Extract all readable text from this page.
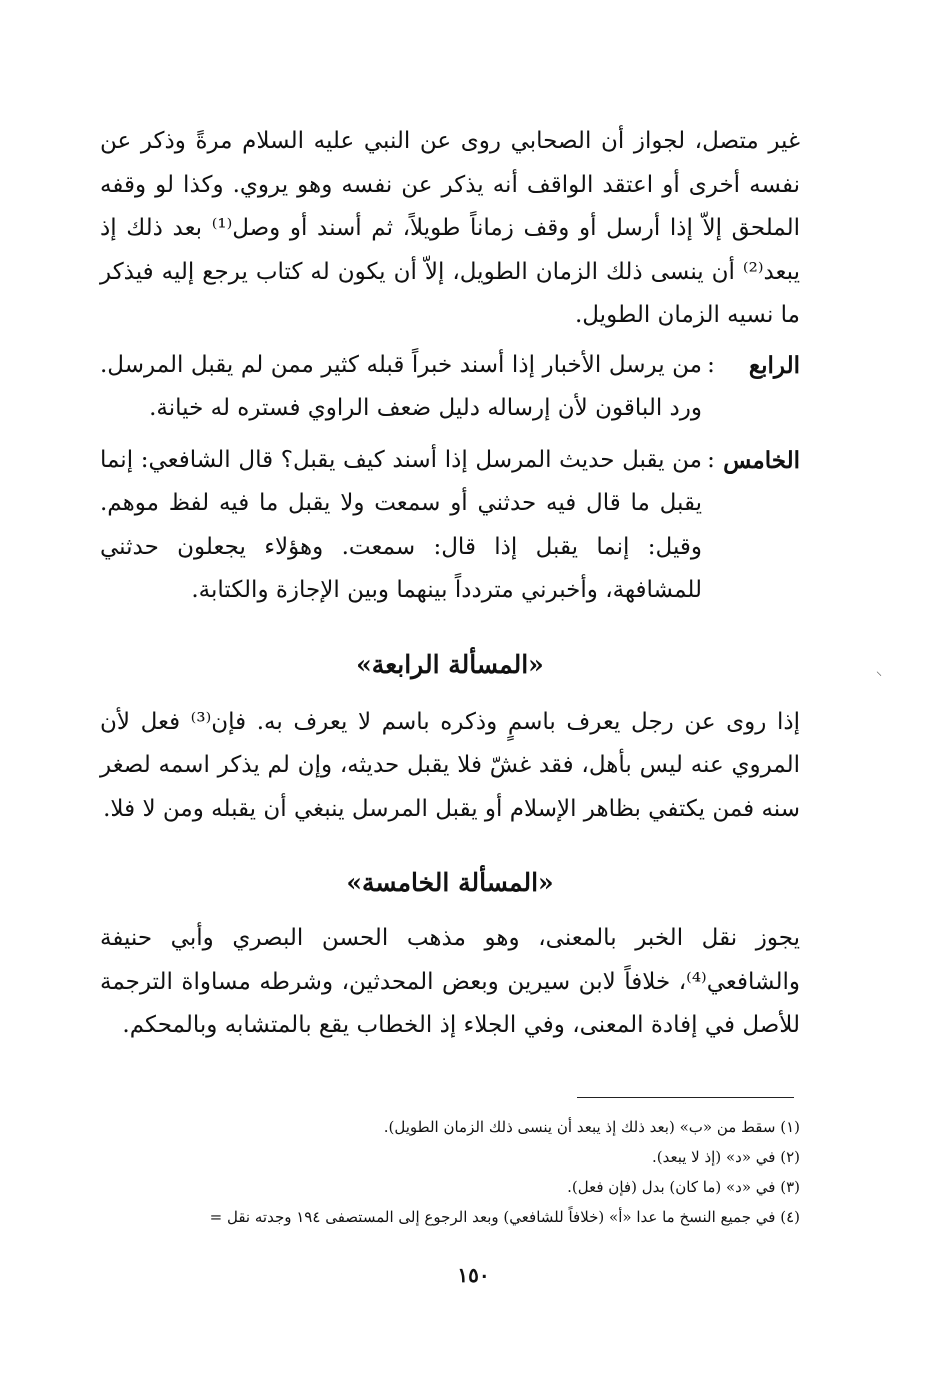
غير متصل، لجواز أن الصحابي روى عن النبي عليه السلام مرةً وذكر عن نفسه أخرى أو اعتقد الواقف أنه يذكر عن نفسه وهو يروي. وكذا لو وقفه الملحق إلاّ إذا أرسل أو وقف زماناً طويلاً، ثم أسند أو وصل⁽¹⁾ بعد ذلك إذ يبعد⁽²⁾ أن ينسى ذلك الزمان الطويل، إلاّ أن يكون له كتاب يرجع إليه فيذكر ما نسيه الزمان الطويل.

الرابع
:
من يرسل الأخبار إذا أسند خبراً قبله كثير ممن لم يقبل المرسل. ورد الباقون لأن إرساله دليل ضعف الراوي فستره له خيانة.
الخامس
:
من يقبل حديث المرسل إذا أسند كيف يقبل؟ قال الشافعي: إنما يقبل ما قال فيه حدثني أو سمعت ولا يقبل ما فيه لفظ موهم. وقيل: إنما يقبل إذا قال: سمعت. وهؤلاء يجعلون حدثني للمشافهة، وأخبرني متردداً بينهما وبين الإجازة والكتابة.
«المسألة الرابعة»

إذا روى عن رجل يعرف باسمٍ وذكره باسم لا يعرف به. فإن⁽³⁾ فعل لأن المروي عنه ليس بأهل، فقد غشّ فلا يقبل حديثه، وإن لم يذكر اسمه لصغر سنه فمن يكتفي بظاهر الإسلام أو يقبل المرسل ينبغي أن يقبله ومن لا فلا.

«المسألة الخامسة»

يجوز نقل الخبر بالمعنى، وهو مذهب الحسن البصري وأبي حنيفة والشافعي⁽⁴⁾، خلافاً لابن سيرين وبعض المحدثين، وشرطه مساواة الترجمة للأصل في إفادة المعنى، وفي الجلاء إذ الخطاب يقع بالمتشابه وبالمحكم.

(١) سقط من «ب» (بعد ذلك إذ يبعد أن ينسى ذلك الزمان الطويل).
(٢) في «د» (إذ لا يبعد).
(٣) في «د» (ما كان) بدل (فإن فعل).
(٤) في جميع النسخ ما عدا «أ» (خلافاً للشافعي) وبعد الرجوع إلى المستصفى ١٩٤ وجدته نقل =
١٥٠
⸝
